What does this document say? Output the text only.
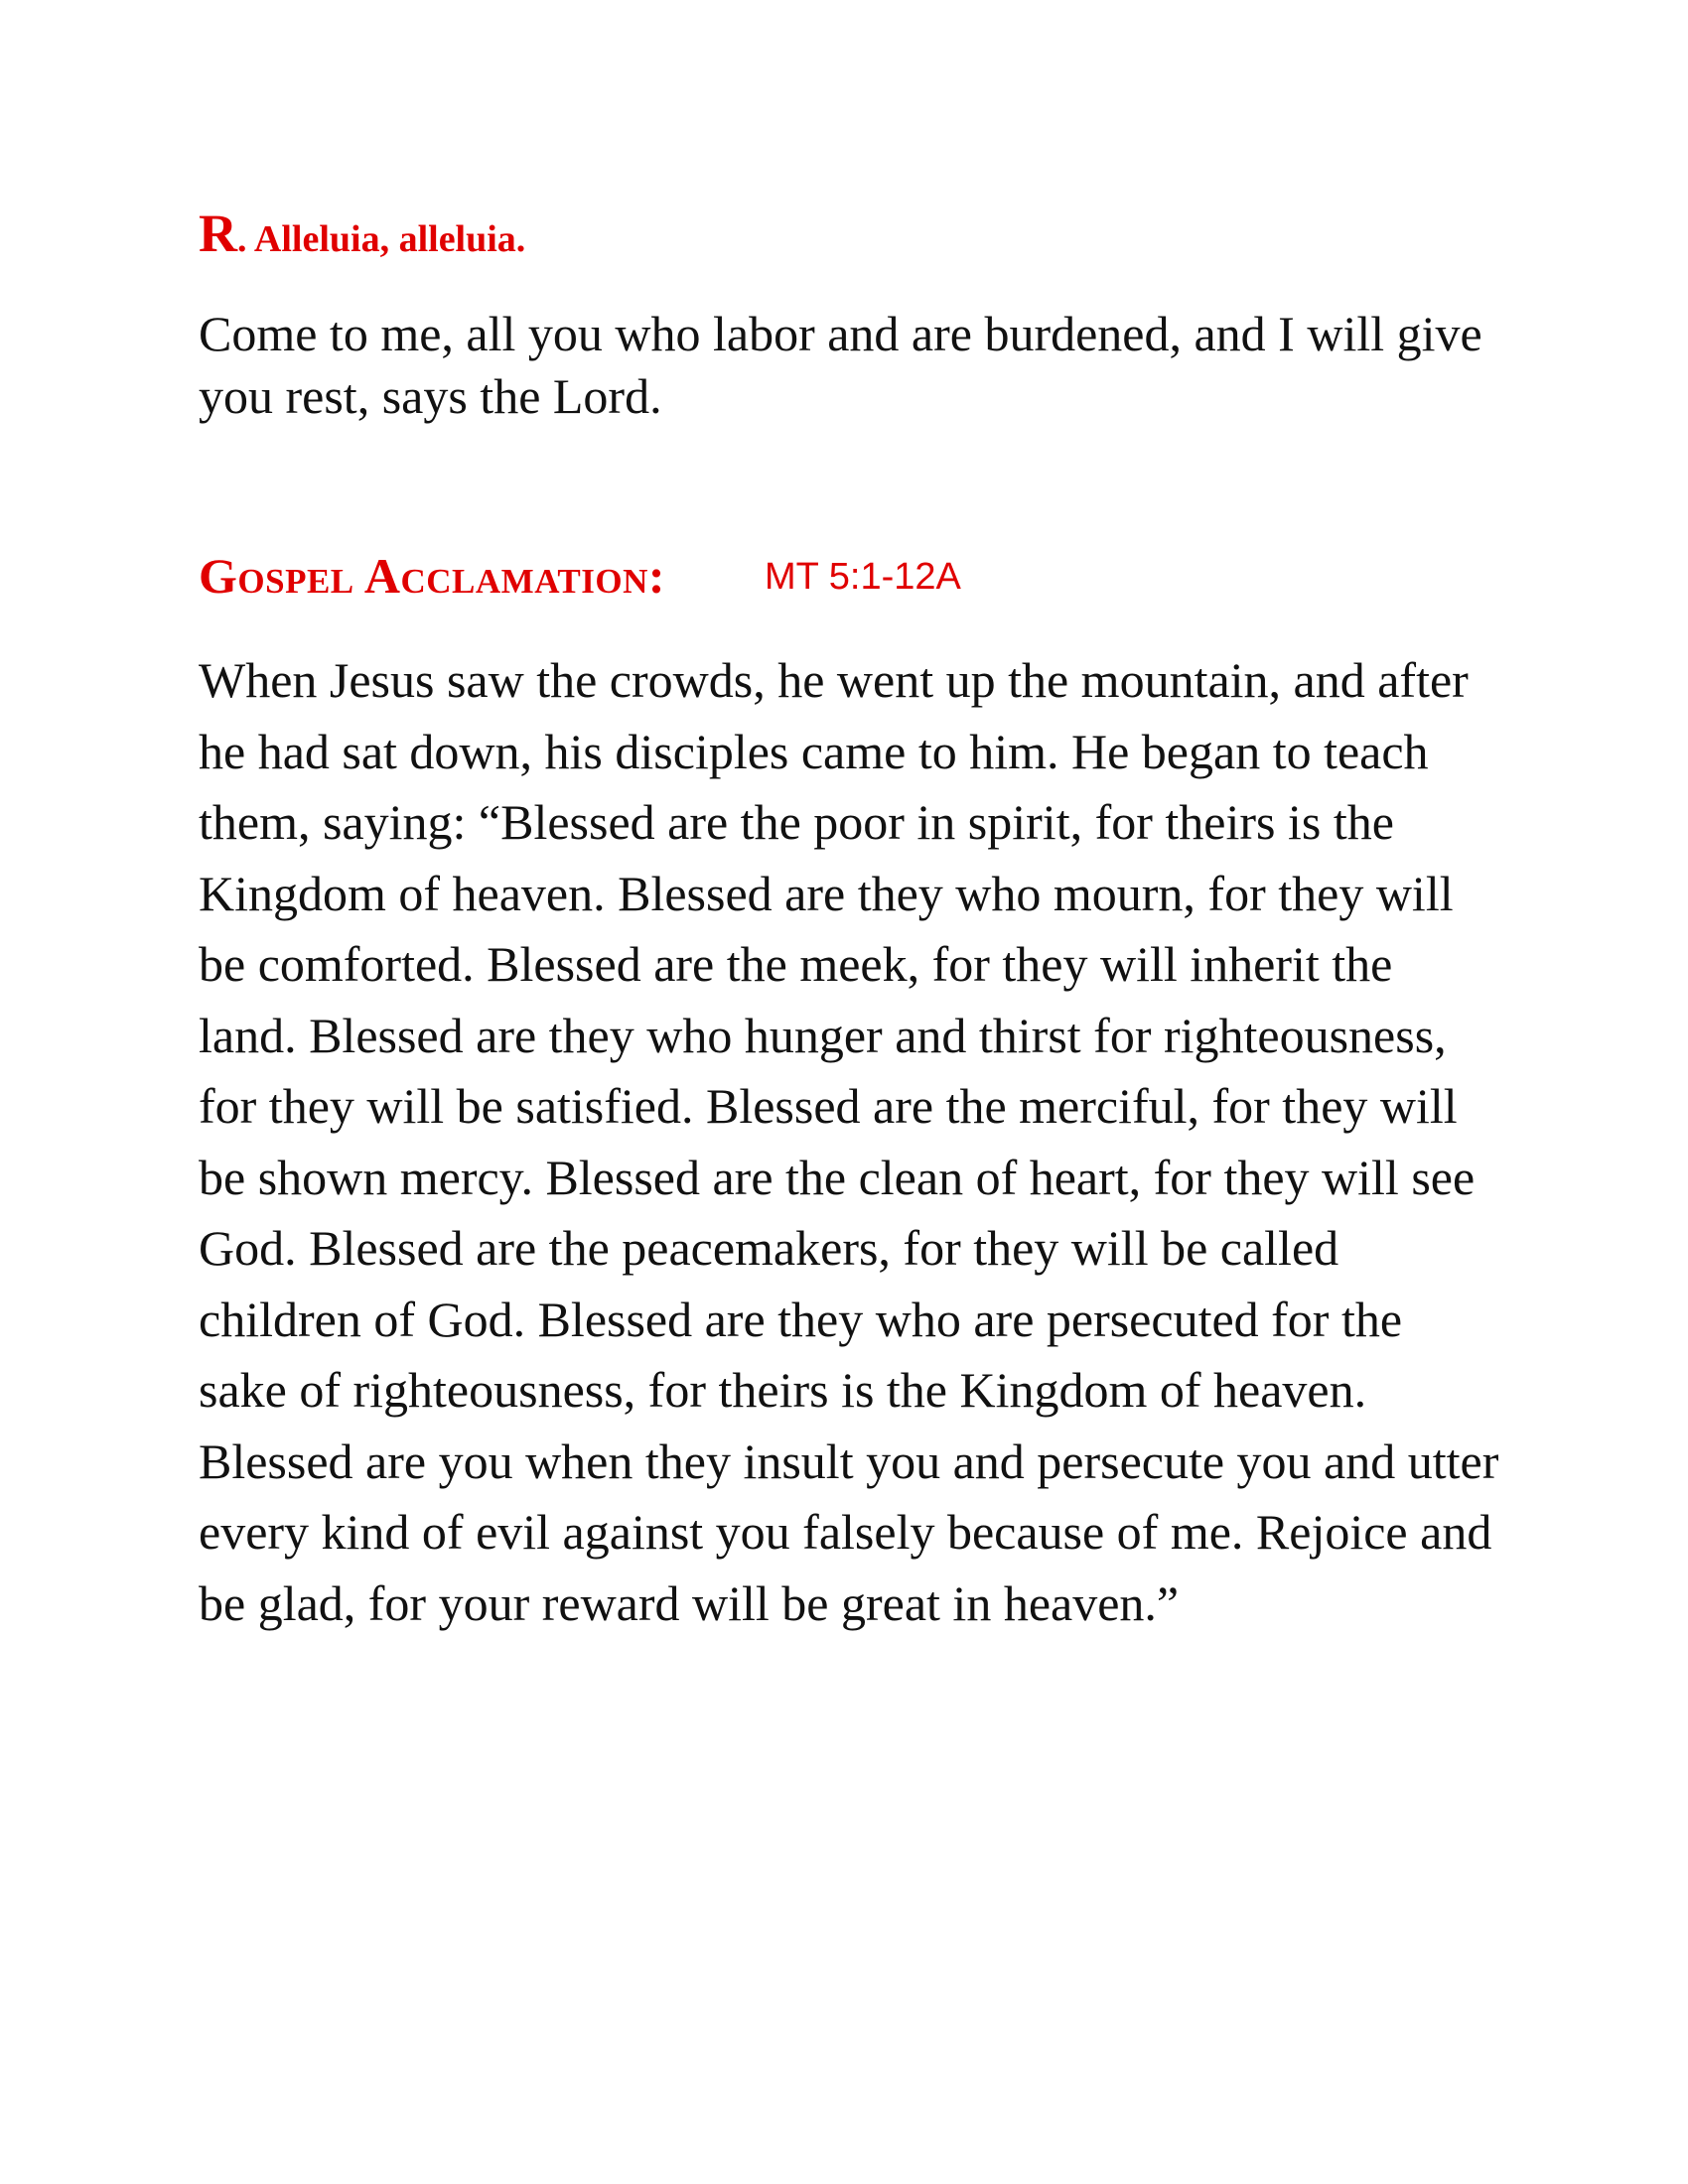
R. Alleluia, alleluia.

Come to me, all you who labor and are burdened, and I will give you rest, says the Lord.

Gospel Acclamation:	MT 5:1-12A

When Jesus saw the crowds, he went up the mountain, and after he had sat down, his disciples came to him. He began to teach them, saying: “Blessed are the poor in spirit, for theirs is the Kingdom of heaven. Blessed are they who mourn, for they will be comforted. Blessed are the meek, for they will inherit the land. Blessed are they who hunger and thirst for righteousness, for they will be satisfied. Blessed are the merciful, for they will be shown mercy. Blessed are the clean of heart, for they will see God. Blessed are the peacemakers, for they will be called children of God. Blessed are they who are persecuted for the sake of righteousness, for theirs is the Kingdom of heaven. Blessed are you when they insult you and persecute you and utter every kind of evil against you falsely because of me. Rejoice and be glad, for your reward will be great in heaven.”
